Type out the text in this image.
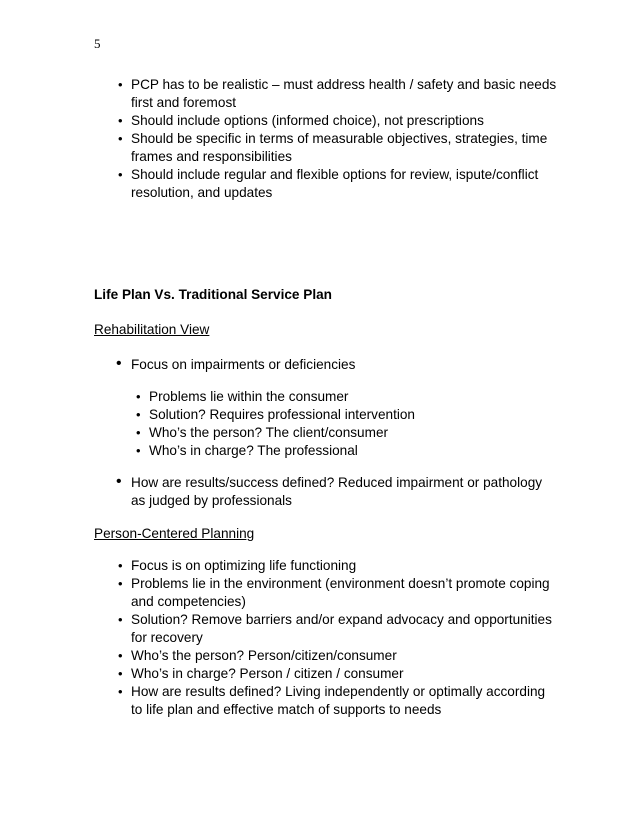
5
•
PCP has to be realistic – must address health / safety and basic needs first and foremost
•
Should include options (informed choice), not prescriptions
•
Should be specific in terms of measurable objectives, strategies, time frames and responsibilities
•
Should include regular and flexible options for review, ispute/conflict resolution, and updates
Life Plan Vs. Traditional Service Plan
Rehabilitation View
•
Focus on impairments or deficiencies
•
Problems lie within the consumer
•
Solution? Requires professional intervention
•
Who’s the person? The client/consumer
•
Who’s in charge? The professional
•
How are results/success defined? Reduced impairment or pathology as judged by professionals
Person-Centered Planning
•
Focus is on optimizing life functioning
•
Problems lie in the environment (environment doesn’t promote coping and competencies)
•
Solution? Remove barriers and/or expand advocacy and opportunities for recovery
•
Who’s the person? Person/citizen/consumer
•
Who’s in charge? Person / citizen / consumer
•
How are results defined? Living independently or optimally according to life plan and effective match of supports to needs
